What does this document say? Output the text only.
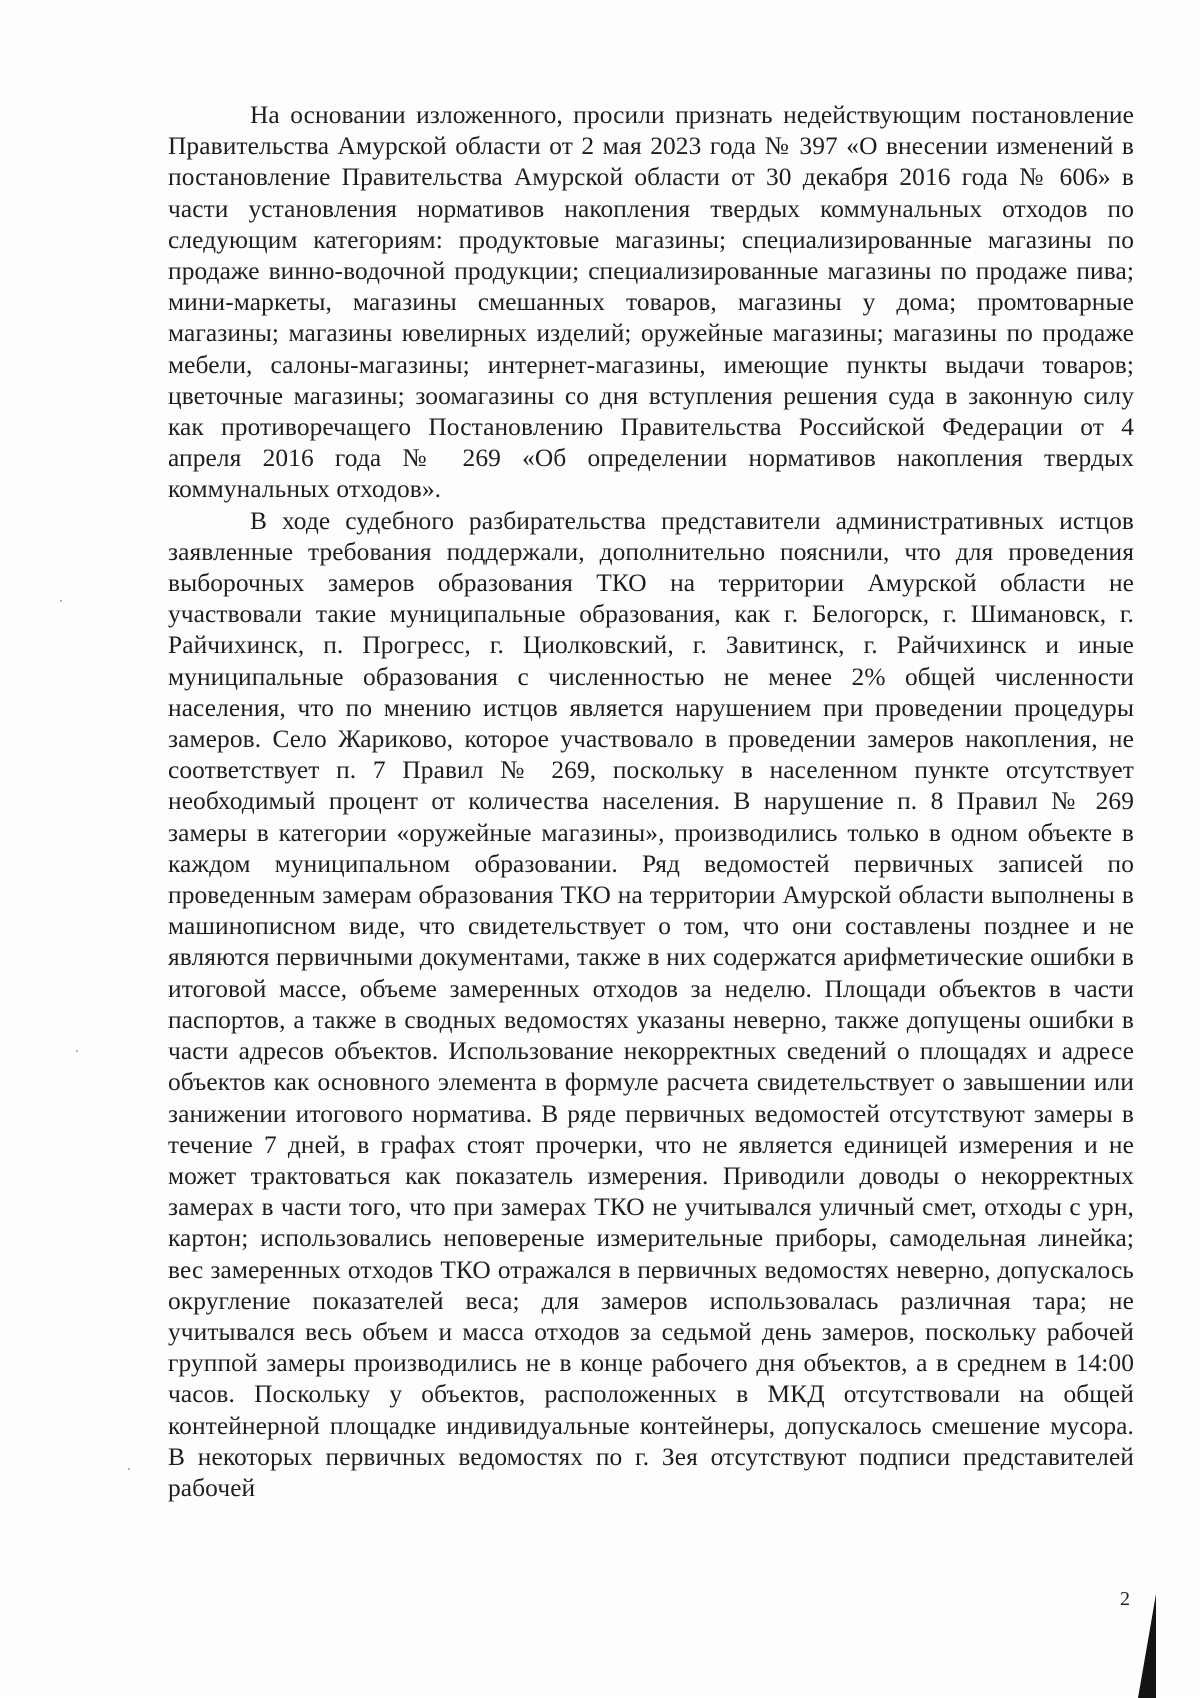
На основании изложенного, просили признать недействующим постановление Правительства Амурской области от 2 мая 2023 года № 397 «О внесении изменений в постановление Правительства Амурской области от 30 декабря 2016 года № 606» в части установления нормативов накопления твердых коммунальных отходов по следующим категориям: продуктовые магазины; специализированные магазины по продаже винно-водочной продукции; специализированные магазины по продаже пива; мини-маркеты, магазины смешанных товаров, магазины у дома; промтоварные магазины; магазины ювелирных изделий; оружейные магазины; магазины по продаже мебели, салоны-магазины; интернет-магазины, имеющие пункты выдачи товаров; цветочные магазины; зоомагазины со дня вступления решения суда в законную силу как противоречащего Постановлению Правительства Российской Федерации от 4 апреля 2016 года № 269 «Об определении нормативов накопления твердых коммунальных отходов».

В ходе судебного разбирательства представители административных истцов заявленные требования поддержали, дополнительно пояснили, что для проведения выборочных замеров образования ТКО на территории Амурской области не участвовали такие муниципальные образования, как г. Белогорск, г. Шимановск, г. Райчихинск, п. Прогресс, г. Циолковский, г. Завитинск, г. Райчихинск и иные муниципальные образования с численностью не менее 2% общей численности населения, что по мнению истцов является нарушением при проведении процедуры замеров. Село Жариково, которое участвовало в проведении замеров накопления, не соответствует п. 7 Правил № 269, поскольку в населенном пункте отсутствует необходимый процент от количества населения. В нарушение п. 8 Правил № 269 замеры в категории «оружейные магазины», производились только в одном объекте в каждом муниципальном образовании. Ряд ведомостей первичных записей по проведенным замерам образования ТКО на территории Амурской области выполнены в машинописном виде, что свидетельствует о том, что они составлены позднее и не являются первичными документами, также в них содержатся арифметические ошибки в итоговой массе, объеме замеренных отходов за неделю. Площади объектов в части паспортов, а также в сводных ведомостях указаны неверно, также допущены ошибки в части адресов объектов. Использование некорректных сведений о площадях и адресе объектов как основного элемента в формуле расчета свидетельствует о завышении или занижении итогового норматива. В ряде первичных ведомостей отсутствуют замеры в течение 7 дней, в графах стоят прочерки, что не является единицей измерения и не может трактоваться как показатель измерения. Приводили доводы о некорректных замерах в части того, что при замерах ТКО не учитывался уличный смет, отходы с урн, картон; использовались неповереные измерительные приборы, самодельная линейка; вес замеренных отходов ТКО отражался в первичных ведомостях неверно, допускалось округление показателей веса; для замеров использовалась различная тара; не учитывался весь объем и масса отходов за седьмой день замеров, поскольку рабочей группой замеры производились не в конце рабочего дня объектов, а в среднем в 14:00 часов. Поскольку у объектов, расположенных в МКД отсутствовали на общей контейнерной площадке индивидуальные контейнеры, допускалось смешение мусора. В некоторых первичных ведомостях по г. Зея отсутствуют подписи представителей рабочей

2
